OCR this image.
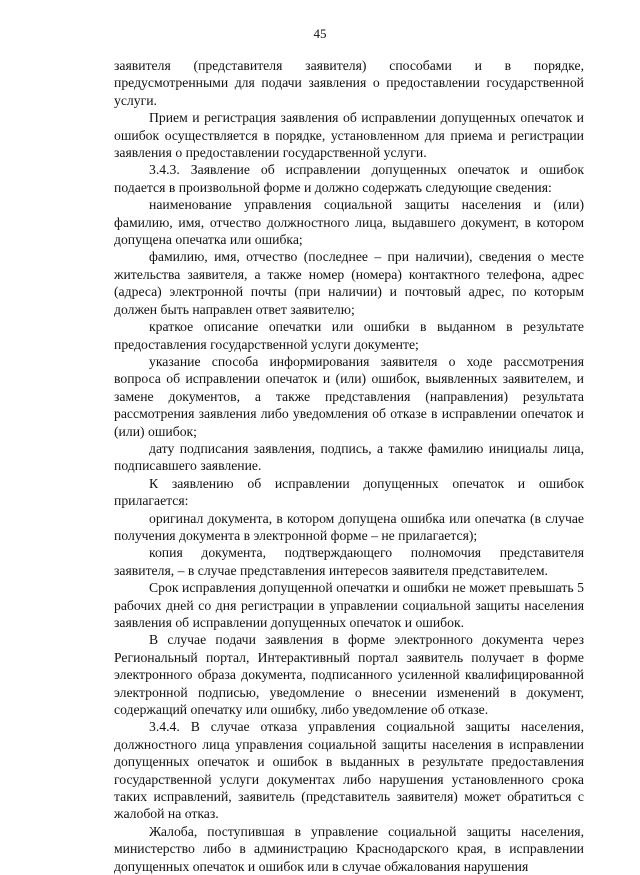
45

заявителя (представителя заявителя) способами и в порядке, предусмотренными для подачи заявления о предоставлении государственной услуги.

Прием и регистрация заявления об исправлении допущенных опечаток и ошибок осуществляется в порядке, установленном для приема и регистрации заявления о предоставлении государственной услуги.

3.4.3. Заявление об исправлении допущенных опечаток и ошибок подается в произвольной форме и должно содержать следующие сведения:

наименование управления социальной защиты населения и (или) фамилию, имя, отчество должностного лица, выдавшего документ, в котором допущена опечатка или ошибка;

фамилию, имя, отчество (последнее – при наличии), сведения о месте жительства заявителя, а также номер (номера) контактного телефона, адрес (адреса) электронной почты (при наличии) и почтовый адрес, по которым должен быть направлен ответ заявителю;

краткое описание опечатки или ошибки в выданном в результате предоставления государственной услуги документе;

указание способа информирования заявителя о ходе рассмотрения вопроса об исправлении опечаток и (или) ошибок, выявленных заявителем, и замене документов, а также представления (направления) результата рассмотрения заявления либо уведомления об отказе в исправлении опечаток и (или) ошибок;

дату подписания заявления, подпись, а также фамилию инициалы лица, подписавшего заявление.

К заявлению об исправлении допущенных опечаток и ошибок прилагается:

оригинал документа, в котором допущена ошибка или опечатка (в случае получения документа в электронной форме – не прилагается);

копия документа, подтверждающего полномочия представителя заявителя, – в случае представления интересов заявителя представителем.

Срок исправления допущенной опечатки и ошибки не может превышать 5 рабочих дней со дня регистрации в управлении социальной защиты населения заявления об исправлении допущенных опечаток и ошибок.

В случае подачи заявления в форме электронного документа через Региональный портал, Интерактивный портал заявитель получает в форме электронного образа документа, подписанного усиленной квалифицированной электронной подписью, уведомление о внесении изменений в документ, содержащий опечатку или ошибку, либо уведомление об отказе.

3.4.4. В случае отказа управления социальной защиты населения, должностного лица управления социальной защиты населения в исправлении допущенных опечаток и ошибок в выданных в результате предоставления государственной услуги документах либо нарушения установленного срока таких исправлений, заявитель (представитель заявителя) может обратиться с жалобой на отказ.

Жалоба, поступившая в управление социальной защиты населения, министерство либо в администрацию Краснодарского края, в исправлении допущенных опечаток и ошибок или в случае обжалования нарушения
